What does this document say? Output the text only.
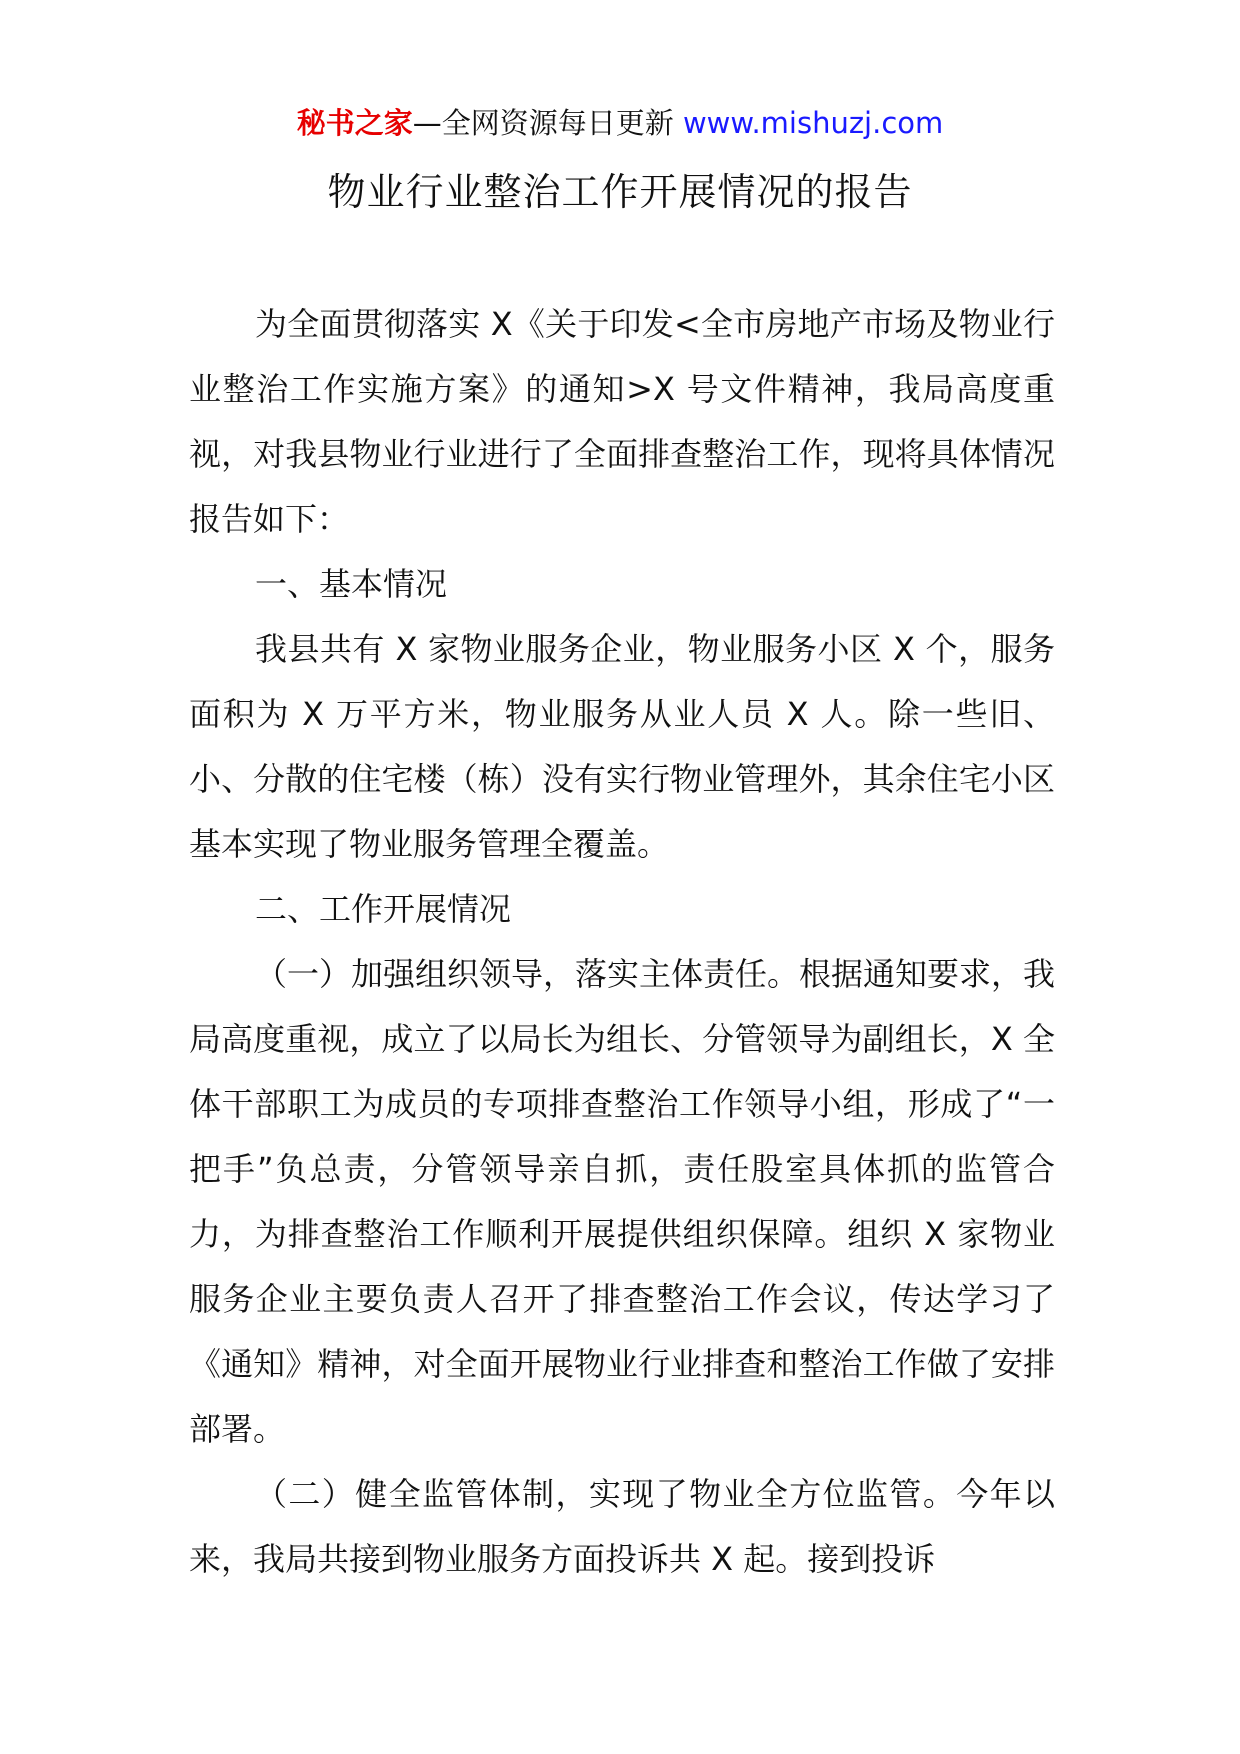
秘书之家—全网资源每日更新 www.mishuzj.com
物业行业整治工作开展情况的报告

为全面贯彻落实 X《关于印发<全市房地产市场及物业行业整治工作实施方案》的通知>X 号文件精神，我局高度重视，对我县物业行业进行了全面排查整治工作，现将具体情况报告如下：

一、基本情况

我县共有 X 家物业服务企业，物业服务小区 X 个，服务面积为 X 万平方米，物业服务从业人员 X 人。除一些旧、小、分散的住宅楼（栋）没有实行物业管理外，其余住宅小区基本实现了物业服务管理全覆盖。

二、工作开展情况

（一）加强组织领导，落实主体责任。根据通知要求，我局高度重视，成立了以局长为组长、分管领导为副组长，X 全体干部职工为成员的专项排查整治工作领导小组，形成了“一把手”负总责，分管领导亲自抓，责任股室具体抓的监管合力，为排查整治工作顺利开展提供组织保障。组织 X 家物业服务企业主要负责人召开了排查整治工作会议，传达学习了《通知》精神，对全面开展物业行业排查和整治工作做了安排部署。

（二）健全监管体制，实现了物业全方位监管。今年以来，我局共接到物业服务方面投诉共 X 起。接到投诉
